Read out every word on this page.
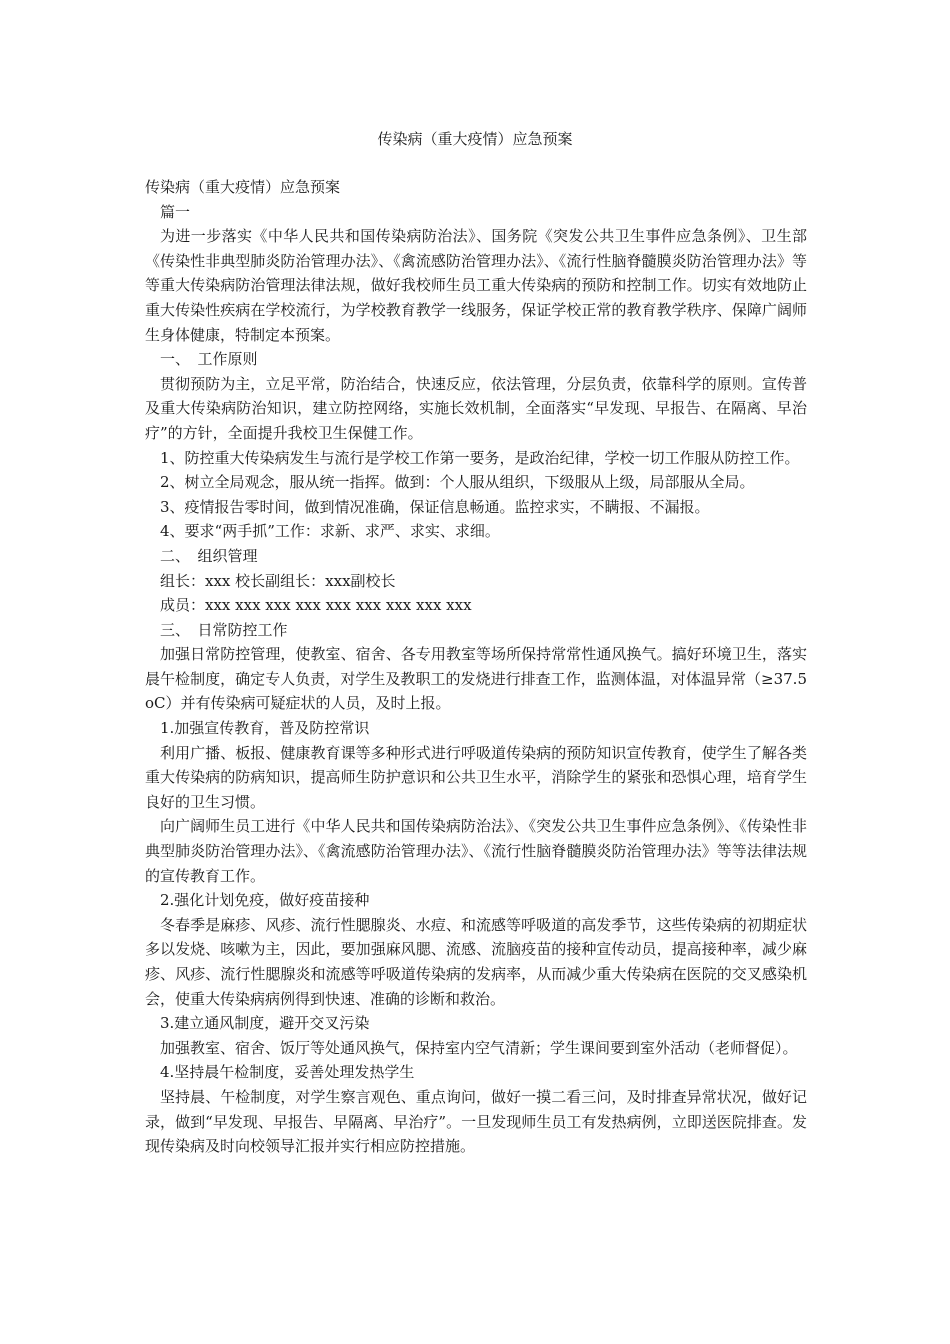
传染病（重大疫情）应急预案

传染病（重大疫情）应急预案

篇一

为进一步落实《中华人民共和国传染病防治法》、国务院《突发公共卫生事件应急条例》、卫生部《传染性非典型肺炎防治管理办法》、《禽流感防治管理办法》、《流行性脑脊髓膜炎防治管理办法》等等重大传染病防治管理法律法规，做好我校师生员工重大传染病的预防和控制工作。切实有效地防止重大传染性疾病在学校流行，为学校教育教学一线服务，保证学校正常的教育教学秩序、保障广阔师生身体健康，特制定本预案。

一、　工作原则

贯彻预防为主，立足平常，防治结合，快速反应，依法管理，分层负责，依靠科学的原则。宣传普及重大传染病防治知识，建立防控网络，实施长效机制，全面落实“早发现、早报告、在隔离、早治疗”的方针，全面提升我校卫生保健工作。

1、防控重大传染病发生与流行是学校工作第一要务，是政治纪律，学校一切工作服从防控工作。

2、树立全局观念，服从统一指挥。做到：个人服从组织，下级服从上级，局部服从全局。

3、疫情报告零时间，做到情况准确，保证信息畅通。监控求实，不瞒报、不漏报。

4、要求“两手抓”工作：求新、求严、求实、求细。

二、　组织管理

组长：xxx 校长副组长：xxx副校长

成员：xxx xxx xxx xxx xxx xxx xxx xxx xxx

三、　日常防控工作

加强日常防控管理，使教室、宿舍、各专用教室等场所保持常常性通风换气。搞好环境卫生，落实晨午检制度，确定专人负责，对学生及教职工的发烧进行排查工作，监测体温，对体温异常（≥37.5oC）并有传染病可疑症状的人员，及时上报。

1.加强宣传教育，普及防控常识

利用广播、板报、健康教育课等多种形式进行呼吸道传染病的预防知识宣传教育，使学生了解各类重大传染病的防病知识，提高师生防护意识和公共卫生水平，消除学生的紧张和恐惧心理，培育学生良好的卫生习惯。

向广阔师生员工进行《中华人民共和国传染病防治法》、《突发公共卫生事件应急条例》、《传染性非典型肺炎防治管理办法》、《禽流感防治管理办法》、《流行性脑脊髓膜炎防治管理办法》等等法律法规的宣传教育工作。

2.强化计划免疫，做好疫苗接种

冬春季是麻疹、风疹、流行性腮腺炎、水痘、和流感等呼吸道的高发季节，这些传染病的初期症状多以发烧、咳嗽为主，因此，要加强麻风腮、流感、流脑疫苗的接种宣传动员，提高接种率，减少麻疹、风疹、流行性腮腺炎和流感等呼吸道传染病的发病率，从而减少重大传染病在医院的交叉感染机会，使重大传染病病例得到快速、准确的诊断和救治。

3.建立通风制度，避开交叉污染

加强教室、宿舍、饭厅等处通风换气，保持室内空气清新；学生课间要到室外活动（老师督促）。

4.坚持晨午检制度，妥善处理发热学生

坚持晨、午检制度，对学生察言观色、重点询问，做好一摸二看三问，及时排查异常状况，做好记录，做到“早发现、早报告、早隔离、早治疗”。一旦发现师生员工有发热病例，立即送医院排查。发现传染病及时向校领导汇报并实行相应防控措施。
